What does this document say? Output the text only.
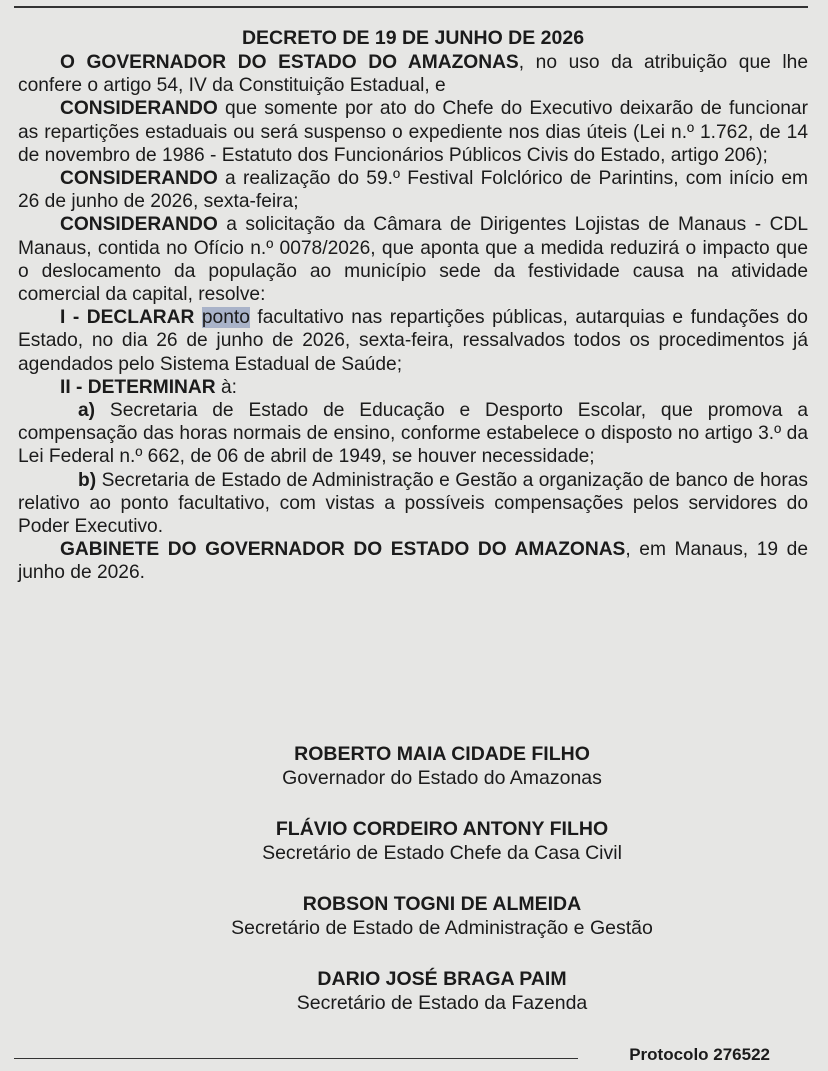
DECRETO DE 19 DE JUNHO DE 2026

O GOVERNADOR DO ESTADO DO AMAZONAS, no uso da atribuição que lhe confere o artigo 54, IV da Constituição Estadual, e

CONSIDERANDO que somente por ato do Chefe do Executivo deixarão de funcionar as repartições estaduais ou será suspenso o expediente nos dias úteis (Lei n.º 1.762, de 14 de novembro de 1986 - Estatuto dos Funcionários Públicos Civis do Estado, artigo 206);

CONSIDERANDO a realização do 59.º Festival Folclórico de Parintins, com início em 26 de junho de 2026, sexta-feira;

CONSIDERANDO a solicitação da Câmara de Dirigentes Lojistas de Manaus - CDL Manaus, contida no Ofício n.º 0078/2026, que aponta que a medida reduzirá o impacto que o deslocamento da população ao município sede da festividade causa na atividade comercial da capital, resolve:

I - DECLARAR ponto facultativo nas repartições públicas, autarquias e fundações do Estado, no dia 26 de junho de 2026, sexta-feira, ressalvados todos os procedimentos já agendados pelo Sistema Estadual de Saúde;

II - DETERMINAR à:

a) Secretaria de Estado de Educação e Desporto Escolar, que promova a compensação das horas normais de ensino, conforme estabelece o disposto no artigo 3.º da Lei Federal n.º 662, de 06 de abril de 1949, se houver necessidade;

b) Secretaria de Estado de Administração e Gestão a organização de banco de horas relativo ao ponto facultativo, com vistas a possíveis compensações pelos servidores do Poder Executivo.

GABINETE DO GOVERNADOR DO ESTADO DO AMAZONAS, em Manaus, 19 de junho de 2026.

ROBERTO MAIA CIDADE FILHO
Governador do Estado do Amazonas
FLÁVIO CORDEIRO ANTONY FILHO
Secretário de Estado Chefe da Casa Civil
ROBSON TOGNI DE ALMEIDA
Secretário de Estado de Administração e Gestão
DARIO JOSÉ BRAGA PAIM
Secretário de Estado da Fazenda
Protocolo 276522
